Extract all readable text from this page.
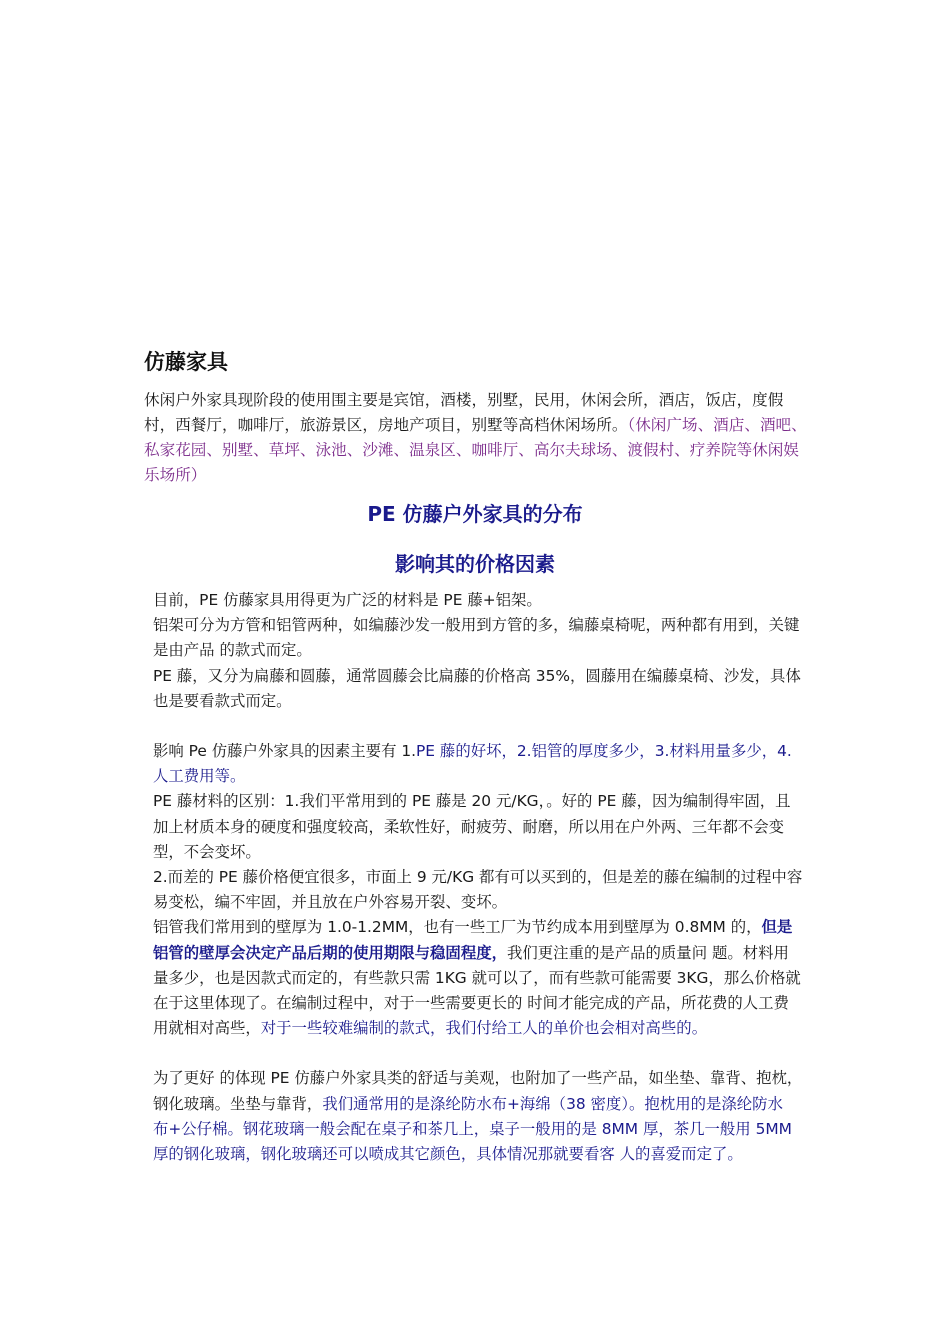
仿藤家具

休闲户外家具现阶段的使用围主要是宾馆，酒楼，别墅，民用，休闲会所，酒店，饭店，度假村，西餐厅，咖啡厅，旅游景区，房地产项目，别墅等高档休闲场所。（休闲广场、酒店、酒吧、私家花园、别墅、草坪、泳池、沙滩、温泉区、咖啡厅、高尔夫球场、渡假村、疗养院等休闲娱乐场所）

PE 仿藤户外家具的分布
影响其的价格因素

目前，PE 仿藤家具用得更为广泛的材料是 PE 藤+铝架。

铝架可分为方管和铝管两种，如编藤沙发一般用到方管的多，编藤桌椅呢，两种都有用到，关键是由产品 的款式而定。

PE 藤，又分为扁藤和圆藤，通常圆藤会比扁藤的价格高 35%，圆藤用在编藤桌椅、沙发，具体也是要看款式而定。

影响 Pe 仿藤户外家具的因素主要有 1.PE 藤的好坏，2.铝管的厚度多少，3.材料用量多少，4.人工费用等。

PE 藤材料的区别：1.我们平常用到的 PE 藤是 20 元/KG，。好的 PE 藤，因为编制得牢固，且加上材质本身的硬度和强度较高，柔软性好，耐疲劳、耐磨，所以用在户外两、三年都不会变型，不会变坏。

2.而差的 PE 藤价格便宜很多，市面上 9 元/KG 都有可以买到的，但是差的藤在编制的过程中容易变松，编不牢固，并且放在户外容易开裂、变坏。

铝管我们常用到的壁厚为 1.0-1.2MM，也有一些工厂为节约成本用到壁厚为 0.8MM 的，但是铝管的壁厚会决定产品后期的使用期限与稳固程度，我们更注重的是产品的质量问 题。材料用量多少，也是因款式而定的，有些款只需 1KG 就可以了，而有些款可能需要 3KG，那么价格就在于这里体现了。在编制过程中，对于一些需要更长的 时间才能完成的产品，所花费的人工费用就相对高些，对于一些较难编制的款式，我们付给工人的单价也会相对高些的。

为了更好 的体现 PE 仿藤户外家具类的舒适与美观，也附加了一些产品，如坐垫、靠背、抱枕，钢化玻璃。坐垫与靠背，我们通常用的是涤纶防水布+海绵（38 密度）。抱枕用的是涤纶防水 布+公仔棉。钢花玻璃一般会配在桌子和茶几上，桌子一般用的是 8MM 厚，茶几一般用 5MM 厚的钢化玻璃，钢化玻璃还可以喷成其它颜色，具体情况那就要看客 人的喜爱而定了。
